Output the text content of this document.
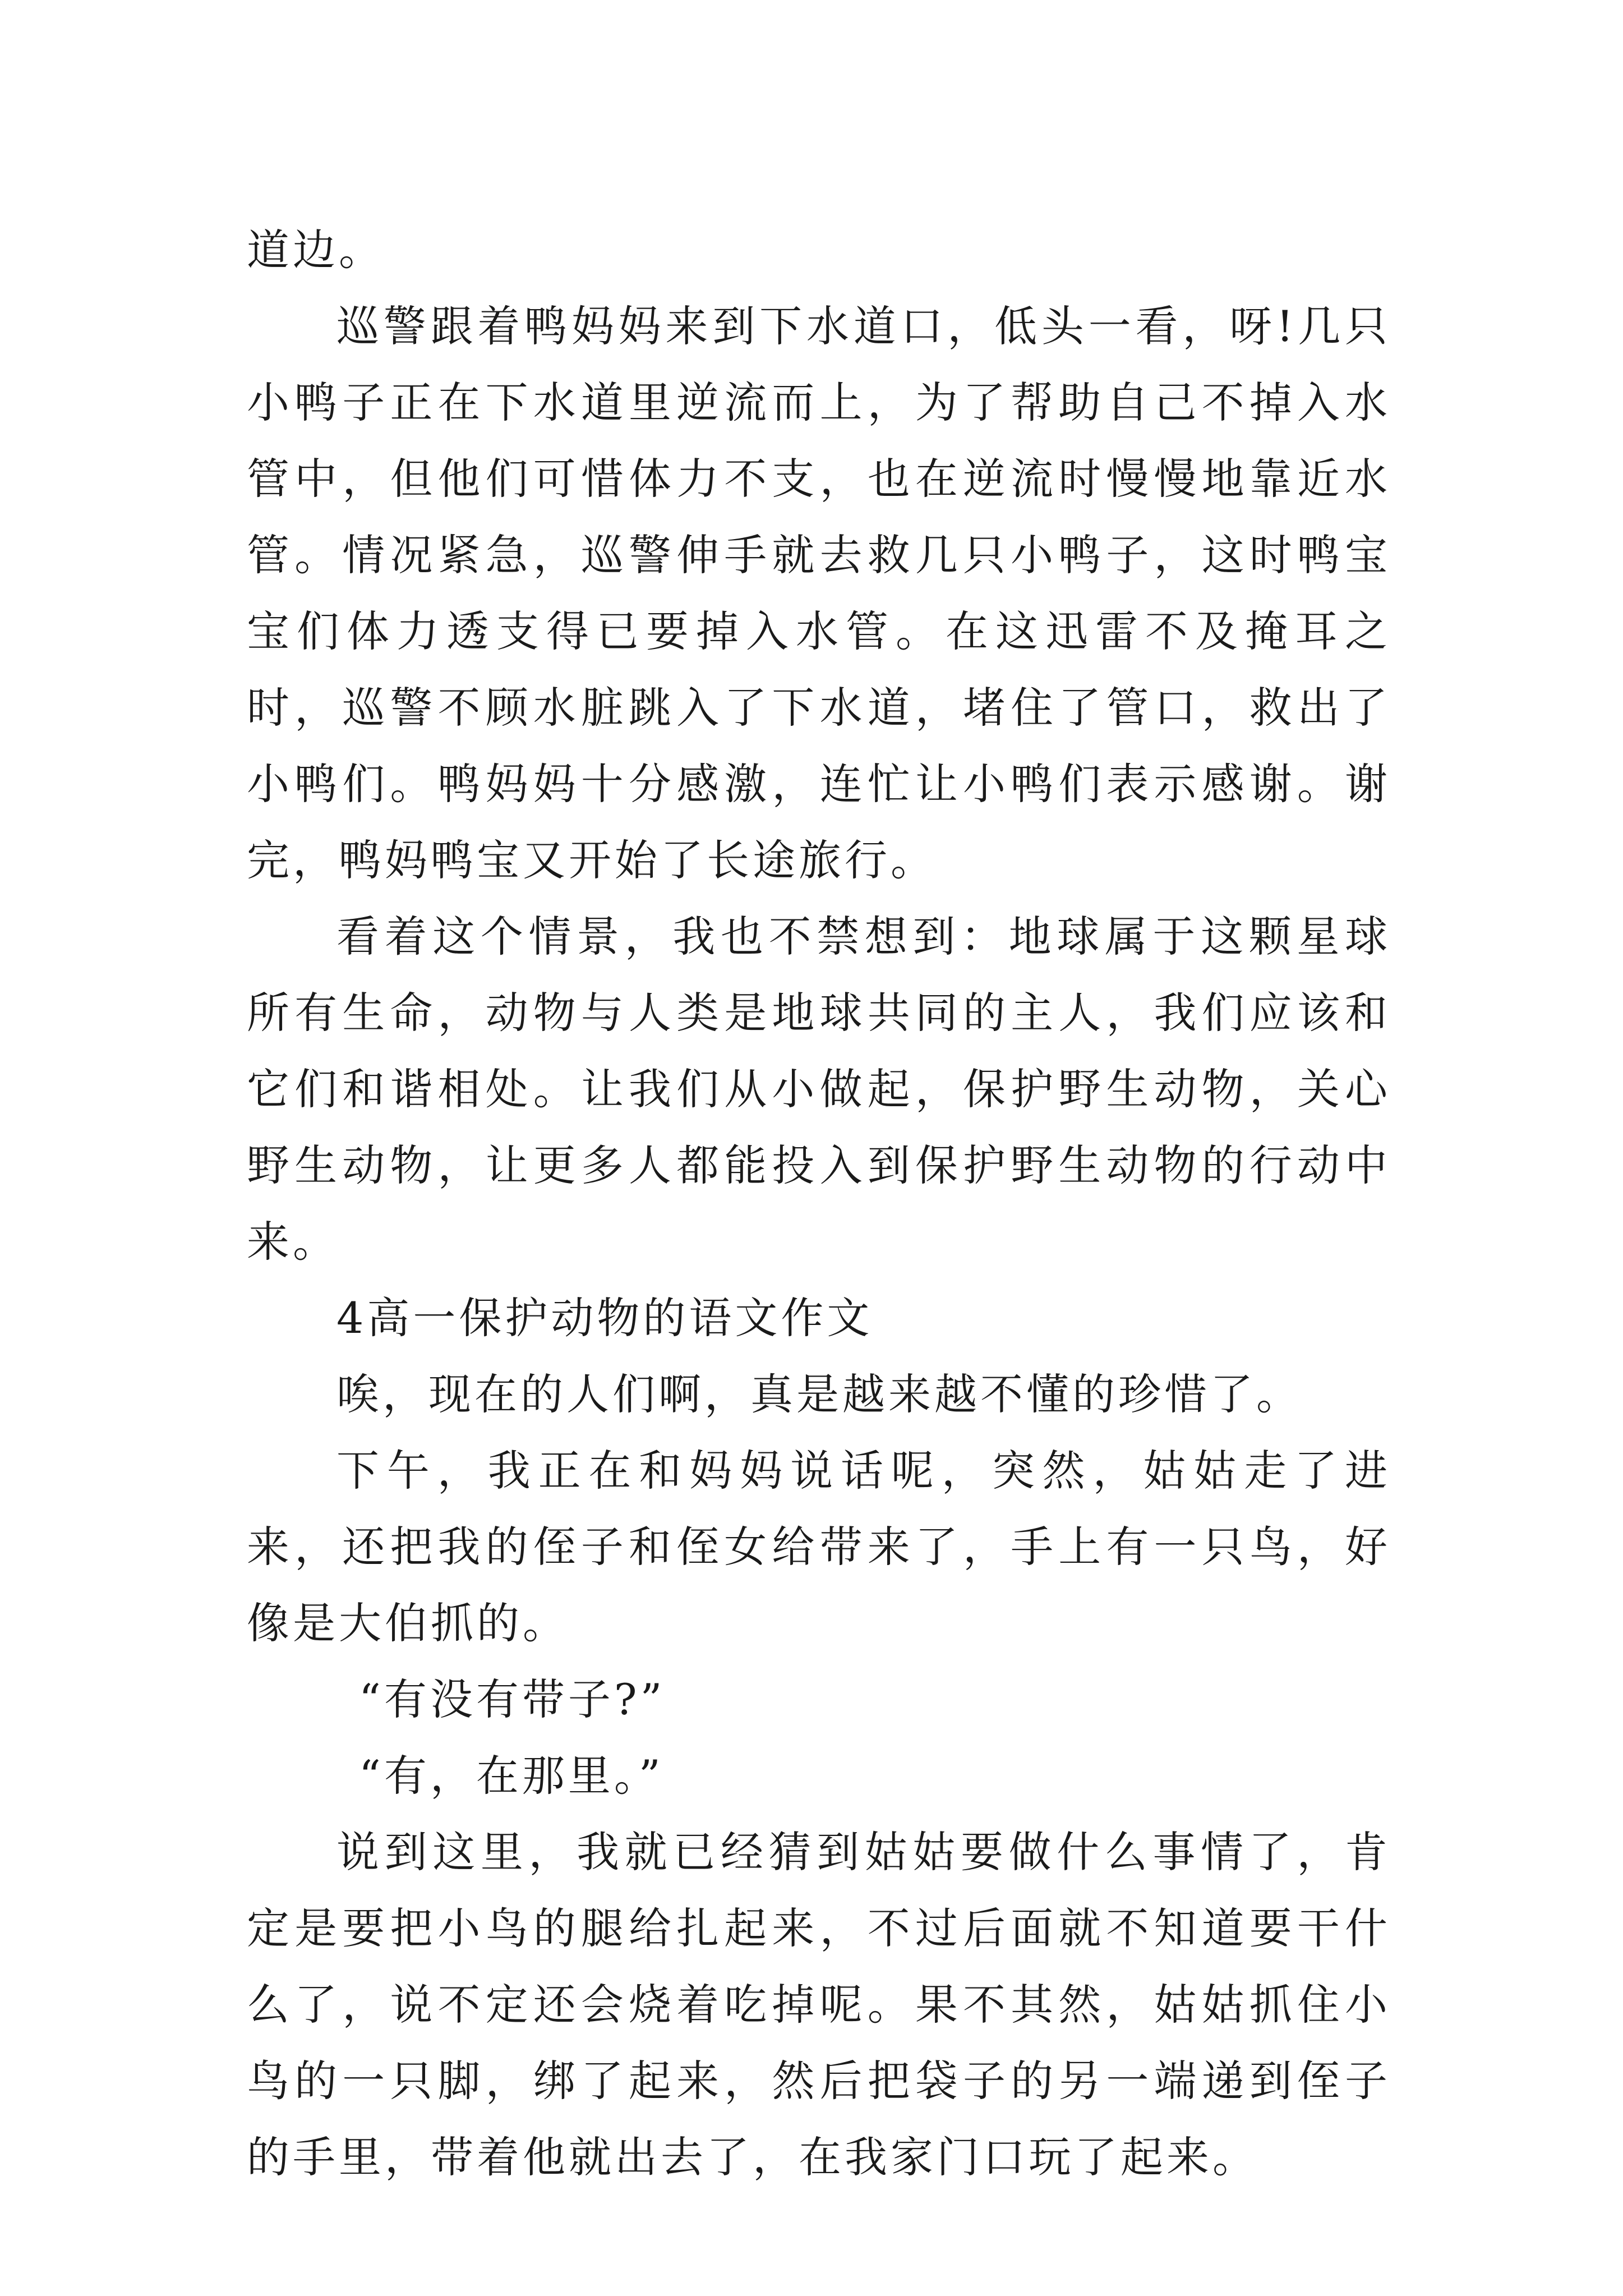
道边。

巡警跟着鸭妈妈来到下水道口，低头一看，呀!几只小鸭子正在下水道里逆流而上，为了帮助自己不掉入水管中，但他们可惜体力不支，也在逆流时慢慢地靠近水管。情况紧急，巡警伸手就去救几只小鸭子，这时鸭宝宝们体力透支得已要掉入水管。在这迅雷不及掩耳之时，巡警不顾水脏跳入了下水道，堵住了管口，救出了小鸭们。鸭妈妈十分感激，连忙让小鸭们表示感谢。谢完，鸭妈鸭宝又开始了长途旅行。

看着这个情景，我也不禁想到：地球属于这颗星球所有生命，动物与人类是地球共同的主人，我们应该和它们和谐相处。让我们从小做起，保护野生动物，关心野生动物，让更多人都能投入到保护野生动物的行动中来。

4高一保护动物的语文作文

唉，现在的人们啊，真是越来越不懂的珍惜了。

下午，我正在和妈妈说话呢，突然，姑姑走了进来，还把我的侄子和侄女给带来了，手上有一只鸟，好像是大伯抓的。

“有没有带子?”

“有，在那里。”

说到这里，我就已经猜到姑姑要做什么事情了，肯定是要把小鸟的腿给扎起来，不过后面就不知道要干什么了，说不定还会烧着吃掉呢。果不其然，姑姑抓住小鸟的一只脚，绑了起来，然后把袋子的另一端递到侄子的手里，带着他就出去了，在我家门口玩了起来。
